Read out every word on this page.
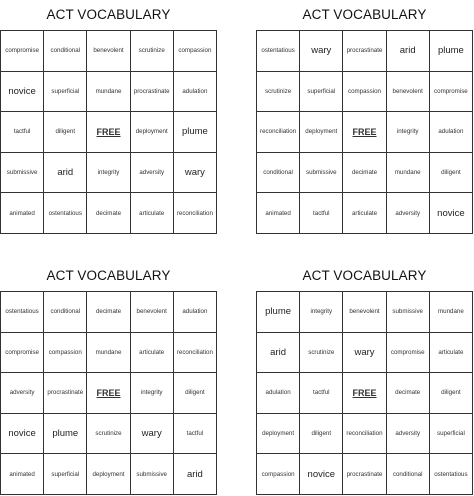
ACT VOCABULARY
compromise	conditional	benevolent	scrutinize	compassion
novice	superficial	mundane	procrastinate	adulation
tactful	diligent	FREE	deployment	plume
submissive	arid	integrity	adversity	wary
animated	ostentatious	decimate	articulate	reconciliation
ACT VOCABULARY
ostentatious	wary	procrastinate	arid	plume
scrutinize	superficial	compassion	benevolent	compromise
reconciliation	deployment	FREE	integrity	adulation
conditional	submissive	decimate	mundane	diligent
animated	tactful	articulate	adversity	novice
ACT VOCABULARY
ostentatious	conditional	decimate	benevolent	adulation
compromise	compassion	mundane	articulate	reconciliation
adversity	procrastinate	FREE	integrity	diligent
novice	plume	scrutinize	wary	tactful
animated	superficial	deployment	submissive	arid
ACT VOCABULARY
plume	integrity	benevolent	submissive	mundane
arid	scrutinize	wary	compromise	articulate
adulation	tactful	FREE	decimate	diligent
deployment	diligent	reconciliation	adversity	superficial
compassion	novice	procrastinate	conditional	ostentatious
